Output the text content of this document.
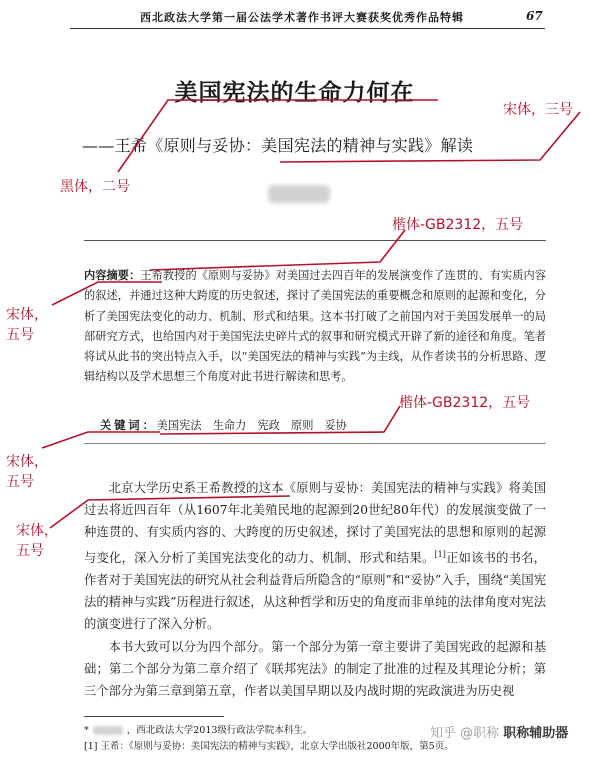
西北政法大学第一届公法学术著作书评大赛获奖优秀作品特辑	67
美国宪法的生命力何在
——王希《原则与妥协：美国宪法的精神与实践》解读
内容摘要：王希教授的《原则与妥协》对美国过去四百年的发展演变作了连贯的、有实质内容的叙述，并通过这种大跨度的历史叙述，探讨了美国宪法的重要概念和原则的起源和变化，分析了美国宪法变化的动力、机制、形式和结果。这本书打破了之前国内对于美国发展单一的局部研究方式，也给国内对于美国宪法史碎片式的叙事和研究模式开辟了新的途径和角度。笔者将试从此书的突出特点入手，以“美国宪法的精神与实践”为主线，从作者读书的分析思路、逻辑结构以及学术思想三个角度对此书进行解读和思考。
关键词：美国宪法　生命力　宪政　原则　妥协

北京大学历史系王希教授的这本《原则与妥协：美国宪法的精神与实践》将美国过去将近四百年（从1607年北美殖民地的起源到20世纪80年代）的发展演变做了一种连贯的、有实质内容的、大跨度的历史叙述，探讨了美国宪法的思想和原则的起源与变化，深入分析了美国宪法变化的动力、机制、形式和结果。[1]正如该书的书名，作者对于美国宪法的研究从社会利益背后所隐含的“原则”和“妥协”入手，围绕“美国宪法的精神与实践”历程进行叙述，从这种哲学和历史的角度而非单纯的法律角度对宪法的演变进行了深入分析。

本书大致可以分为四个部分。第一个部分为第一章主要讲了美国宪政的起源和基础；第二个部分为第二章介绍了《联邦宪法》的制定了批准的过程及其理论分析；第三个部分为第三章到第五章，作者以美国早期以及内战时期的宪政演进为历史视

*	，西北政法大学2013级行政法学院本科生。
[1] 王希：《原则与妥协：美国宪法的精神与实践》，北京大学出版社2000年版，第5页。
宋体，三号
黑体，二号
楷体-GB2312，五号
宋体，
五号
楷体-GB2312，五号
宋体，
五号
宋体，
五号
知乎 @职称 职称辅助器
